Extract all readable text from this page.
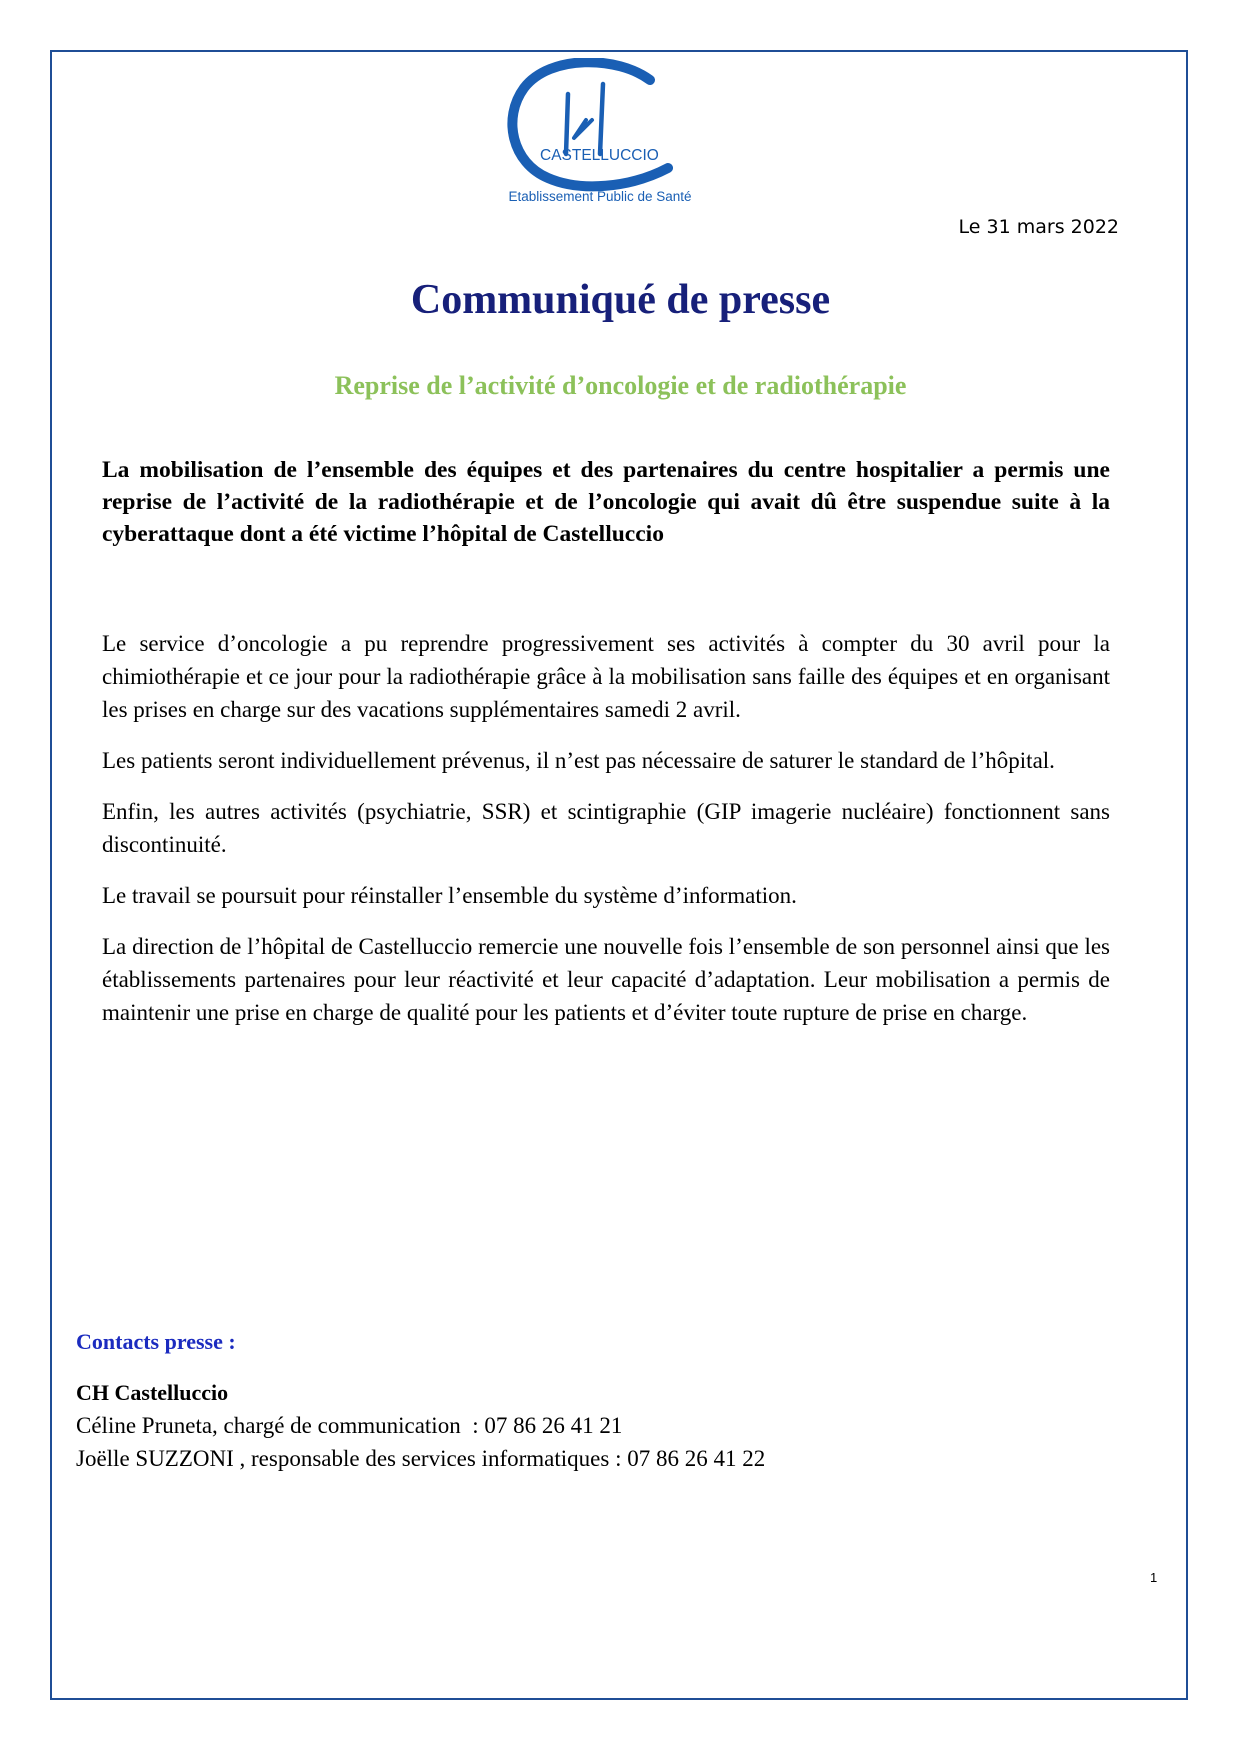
CASTELLUCCIO
Etablissement Public de Santé
Le 31 mars 2022
Communiqué de presse
Reprise de l’activité d’oncologie et de radiothérapie

La mobilisation de l’ensemble des équipes et des partenaires du centre hospitalier a permis une reprise de l’activité de la radiothérapie et de l’oncologie qui avait dû être suspendue suite à la cyberattaque dont a été victime l’hôpital de Castelluccio

Le service d’oncologie a pu reprendre progressivement ses activités à compter du 30 avril pour la chimiothérapie et ce jour pour la radiothérapie grâce à la mobilisation sans faille des équipes et en organisant les prises en charge sur des vacations supplémentaires samedi 2 avril.

Les patients seront individuellement prévenus, il n’est pas nécessaire de saturer le standard de l’hôpital.

Enfin, les autres activités (psychiatrie, SSR) et scintigraphie (GIP imagerie nucléaire) fonctionnent sans discontinuité.

Le travail se poursuit pour réinstaller l’ensemble du système d’information.

La direction de l’hôpital de Castelluccio remercie une nouvelle fois l’ensemble de son personnel ainsi que les établissements partenaires pour leur réactivité et leur capacité d’adaptation. Leur mobilisation a permis de maintenir une prise en charge de qualité pour les patients et d’éviter toute rupture de prise en charge.

Contacts presse :

CH Castelluccio

Céline Pruneta, chargé de communication  : 07 86 26 41 21

Joëlle SUZZONI , responsable des services informatiques : 07 86 26 41 22

1
